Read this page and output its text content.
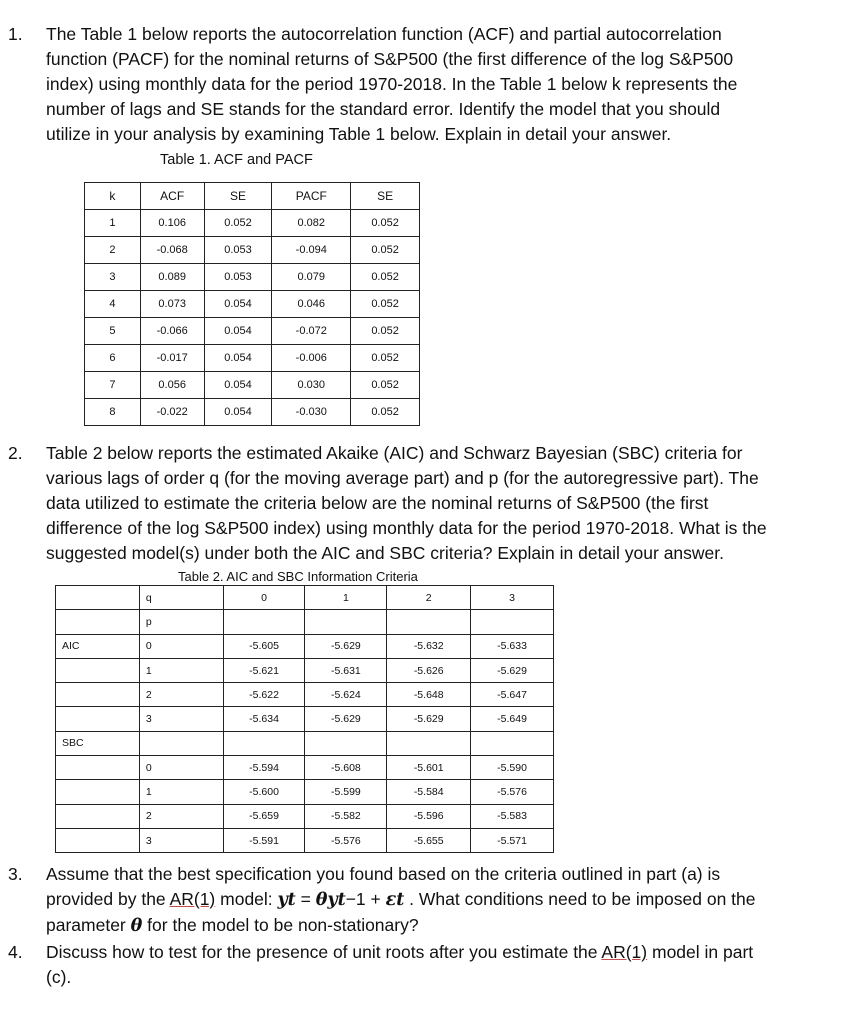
1.	The Table 1 below reports the autocorrelation function (ACF) and partial autocorrelation
function (PACF) for the nominal returns of S&P500 (the first difference of the log S&P500
index) using monthly data for the period 1970-2018. In the Table 1 below k represents the
number of lags and SE stands for the standard error. Identify the model that you should
utilize in your analysis by examining Table 1 below. Explain in detail your answer.
Table 1. ACF and PACF
k	ACF	SE	PACF	SE
1	0.106	0.052	0.082	0.052
2	-0.068	0.053	-0.094	0.052
3	0.089	0.053	0.079	0.052
4	0.073	0.054	0.046	0.052
5	-0.066	0.054	-0.072	0.052
6	-0.017	0.054	-0.006	0.052
7	0.056	0.054	0.030	0.052
8	-0.022	0.054	-0.030	0.052
2.	Table 2 below reports the estimated Akaike (AIC) and Schwarz Bayesian (SBC) criteria for
various lags of order q (for the moving average part) and p (for the autoregressive part). The
data utilized to estimate the criteria below are the nominal returns of S&P500 (the first
difference of the log S&P500 index) using monthly data for the period 1970-2018. What is the
suggested model(s) under both the AIC and SBC criteria? Explain in detail your answer.
Table 2. AIC and SBC Information Criteria
	q	0	1	2	3
	p				
AIC	0	-5.605	-5.629	-5.632	-5.633
	1	-5.621	-5.631	-5.626	-5.629
	2	-5.622	-5.624	-5.648	-5.647
	3	-5.634	-5.629	-5.629	-5.649
SBC					
	0	-5.594	-5.608	-5.601	-5.590
	1	-5.600	-5.599	-5.584	-5.576
	2	-5.659	-5.582	-5.596	-5.583
	3	-5.591	-5.576	-5.655	-5.571
3.	Assume that the best specification you found based on the criteria outlined in part (a) is
provided by the AR(1) model: yt = θyt−1 + εt . What conditions need to be imposed on the
parameter θ for the model to be non-stationary?
4.	Discuss how to test for the presence of unit roots after you estimate the AR(1) model in part
(c).
